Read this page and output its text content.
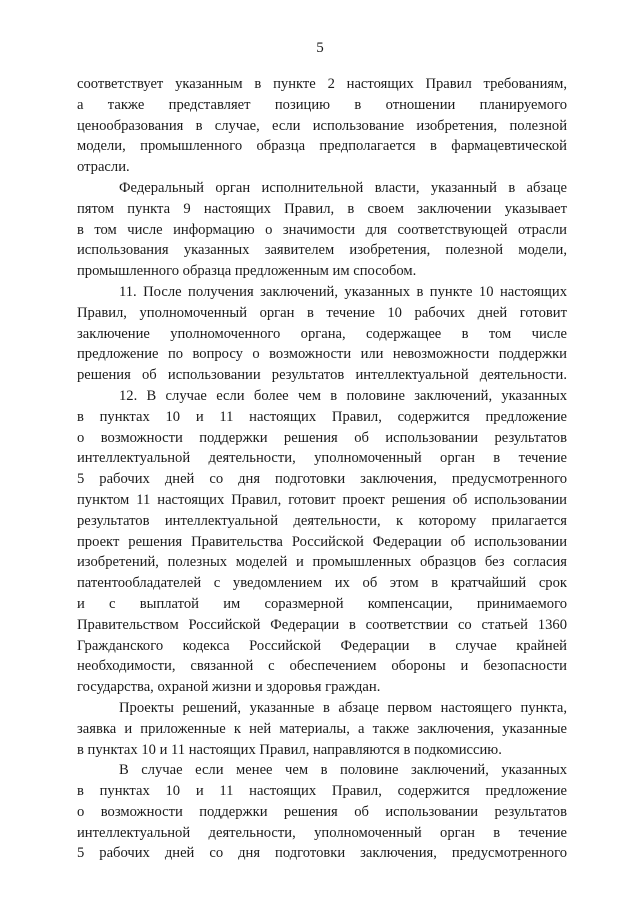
5
соответствует указанным в пункте 2 настоящих Правил требованиям,
а также представляет позицию в отношении планируемого
ценообразования в случае, если использование изобретения, полезной
модели, промышленного образца предполагается в фармацевтической
отрасли.
Федеральный орган исполнительной власти, указанный в абзаце
пятом пункта 9 настоящих Правил, в своем заключении указывает
в том числе информацию о значимости для соответствующей отрасли
использования указанных заявителем изобретения, полезной модели,
промышленного образца предложенным им способом.
11. После получения заключений, указанных в пункте 10 настоящих
Правил, уполномоченный орган в течение 10 рабочих дней готовит
заключение уполномоченного органа, содержащее в том числе
предложение по вопросу о возможности или невозможности поддержки
решения об использовании результатов интеллектуальной деятельности.
12. В случае если более чем в половине заключений, указанных
в пунктах 10 и 11 настоящих Правил, содержится предложение
о возможности поддержки решения об использовании результатов
интеллектуальной деятельности, уполномоченный орган в течение
5 рабочих дней со дня подготовки заключения, предусмотренного
пунктом 11 настоящих Правил, готовит проект решения об использовании
результатов интеллектуальной деятельности, к которому прилагается
проект решения Правительства Российской Федерации об использовании
изобретений, полезных моделей и промышленных образцов без согласия
патентообладателей с уведомлением их об этом в кратчайший срок
и с выплатой им соразмерной компенсации, принимаемого
Правительством Российской Федерации в соответствии со статьей 1360
Гражданского кодекса Российской Федерации в случае крайней
необходимости, связанной с обеспечением обороны и безопасности
государства, охраной жизни и здоровья граждан.
Проекты решений, указанные в абзаце первом настоящего пункта,
заявка и приложенные к ней материалы, а также заключения, указанные
в пунктах 10 и 11 настоящих Правил, направляются в подкомиссию.
В случае если менее чем в половине заключений, указанных
в пунктах 10 и 11 настоящих Правил, содержится предложение
о возможности поддержки решения об использовании результатов
интеллектуальной деятельности, уполномоченный орган в течение
5 рабочих дней со дня подготовки заключения, предусмотренного
